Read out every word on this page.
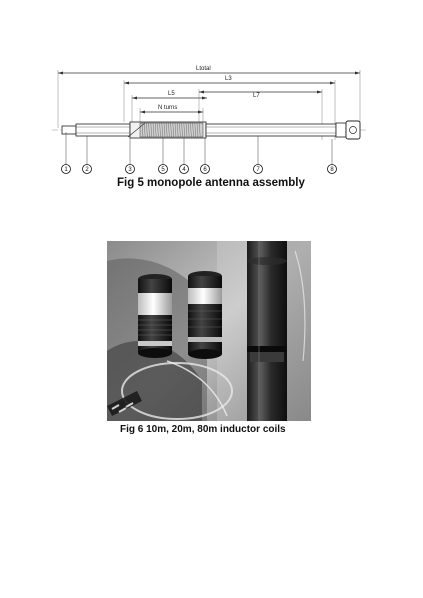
Ltotal
L3
L5	L7
N turns
1	2	3	5	4	6	7	8
Fig 5 monopole antenna assembly
Fig 6 10m, 20m, 80m inductor coils
